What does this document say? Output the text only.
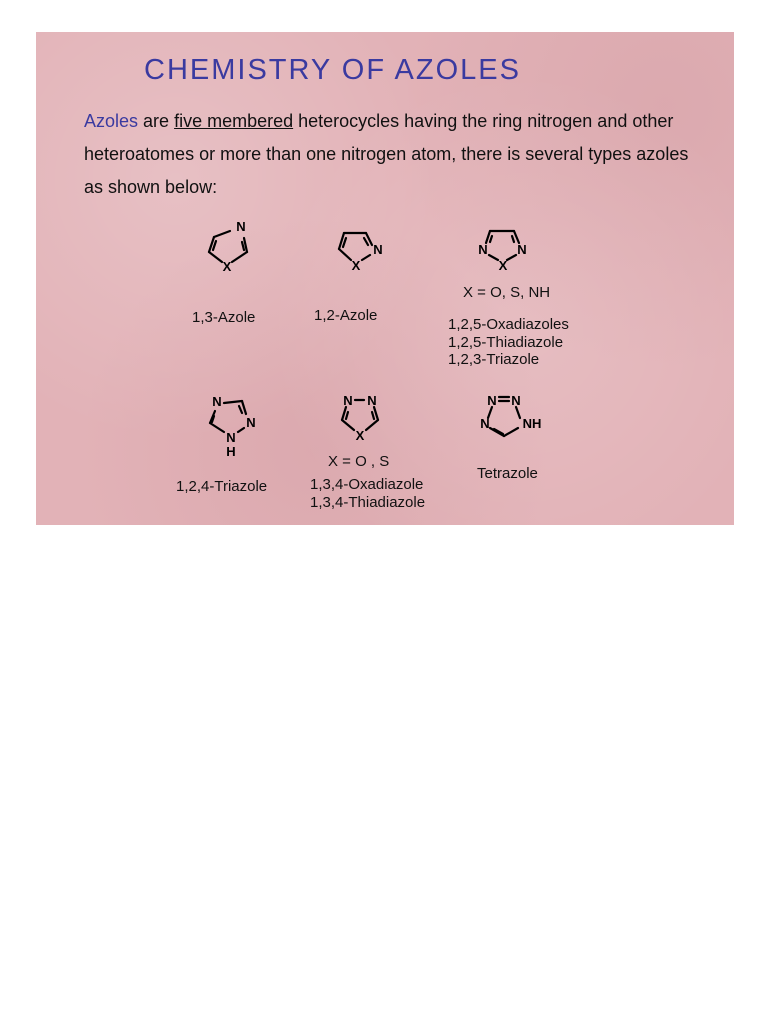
CHEMISTRY OF AZOLES
Azoles are five membered heterocycles having the ring nitrogen and other heteroatomes or more than one nitrogen atom, there is several types azoles as shown below:
N
X
1,3-Azole
N
X
1,2-Azole
N N
X
X = O, S, NH
1,2,5-Oxadiazoles
1,2,5-Thiadiazole
1,2,3-Triazole
N
N
N
H
1,2,4-Triazole
N N
X
X = O , S
1,3,4-Oxadiazole
1,3,4-Thiadiazole
N N
N	NH
Tetrazole
